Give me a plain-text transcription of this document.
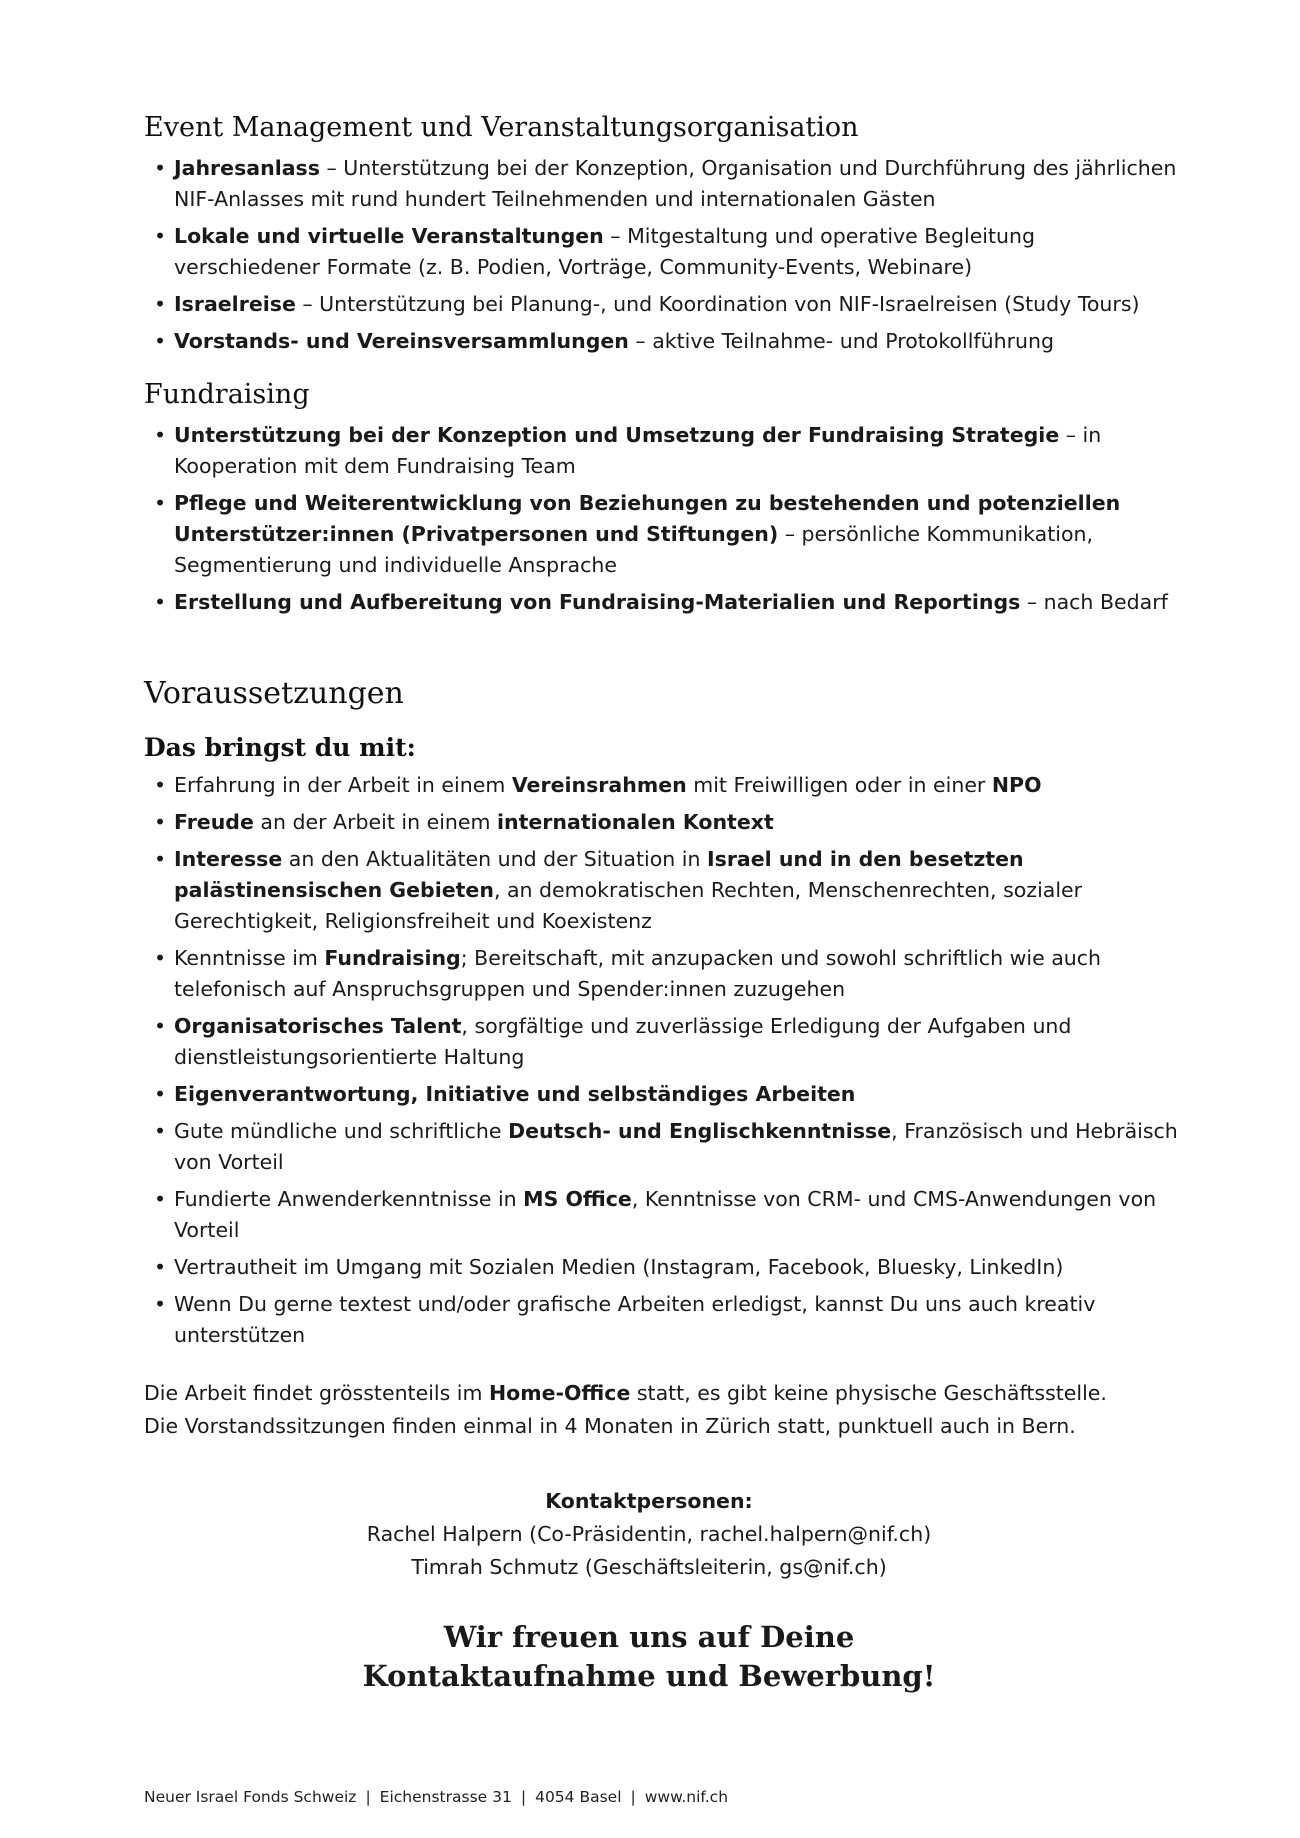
Event Management und Veranstaltungsorganisation
• Jahresanlass – Unterstützung bei der Konzeption, Organisation und Durchführung des jährlichen NIF-Anlasses mit rund hundert Teilnehmenden und internationalen Gästen
• Lokale und virtuelle Veranstaltungen – Mitgestaltung und operative Begleitung verschiedener Formate (z. B. Podien, Vorträge, Community-Events, Webinare)
• Israelreise – Unterstützung bei Planung-, und Koordination von NIF-Israelreisen (Study Tours)
• Vorstands- und Vereinsversammlungen – aktive Teilnahme- und Protokollführung
Fundraising
• Unterstützung bei der Konzeption und Umsetzung der Fundraising Strategie – in Kooperation mit dem Fundraising Team
• Pflege und Weiterentwicklung von Beziehungen zu bestehenden und potenziellen Unterstützer:innen (Privatpersonen und Stiftungen) – persönliche Kommunikation, Segmentierung und individuelle Ansprache
• Erstellung und Aufbereitung von Fundraising-Materialien und Reportings – nach Bedarf
Voraussetzungen
Das bringst du mit:
• Erfahrung in der Arbeit in einem Vereinsrahmen mit Freiwilligen oder in einer NPO
• Freude an der Arbeit in einem internationalen Kontext
• Interesse an den Aktualitäten und der Situation in Israel und in den besetzten palästinensischen Gebieten, an demokratischen Rechten, Menschenrechten, sozialer Gerechtigkeit, Religionsfreiheit und Koexistenz
• Kenntnisse im Fundraising; Bereitschaft, mit anzupacken und sowohl schriftlich wie auch telefonisch auf Anspruchsgruppen und Spender:innen zuzugehen
• Organisatorisches Talent, sorgfältige und zuverlässige Erledigung der Aufgaben und dienstleistungsorientierte Haltung
• Eigenverantwortung, Initiative und selbständiges Arbeiten
• Gute mündliche und schriftliche Deutsch- und Englischkenntnisse, Französisch und Hebräisch von Vorteil
• Fundierte Anwenderkenntnisse in MS Office, Kenntnisse von CRM- und CMS-Anwendungen von Vorteil
• Vertrautheit im Umgang mit Sozialen Medien (Instagram, Facebook, Bluesky, LinkedIn)
• Wenn Du gerne textest und/oder grafische Arbeiten erledigst, kannst Du uns auch kreativ unterstützen

Die Arbeit findet grösstenteils im Home-Office statt, es gibt keine physische Geschäftsstelle.
Die Vorstandssitzungen finden einmal in 4 Monaten in Zürich statt, punktuell auch in Bern.

Kontaktpersonen:
Rachel Halpern (Co-Präsidentin, rachel.halpern@nif.ch)
Timrah Schmutz (Geschäftsleiterin, gs@nif.ch)
Wir freuen uns auf Deine
Kontaktaufnahme und Bewerbung!
Neuer Israel Fonds Schweiz | Eichenstrasse 31 | 4054 Basel | www.nif.ch
